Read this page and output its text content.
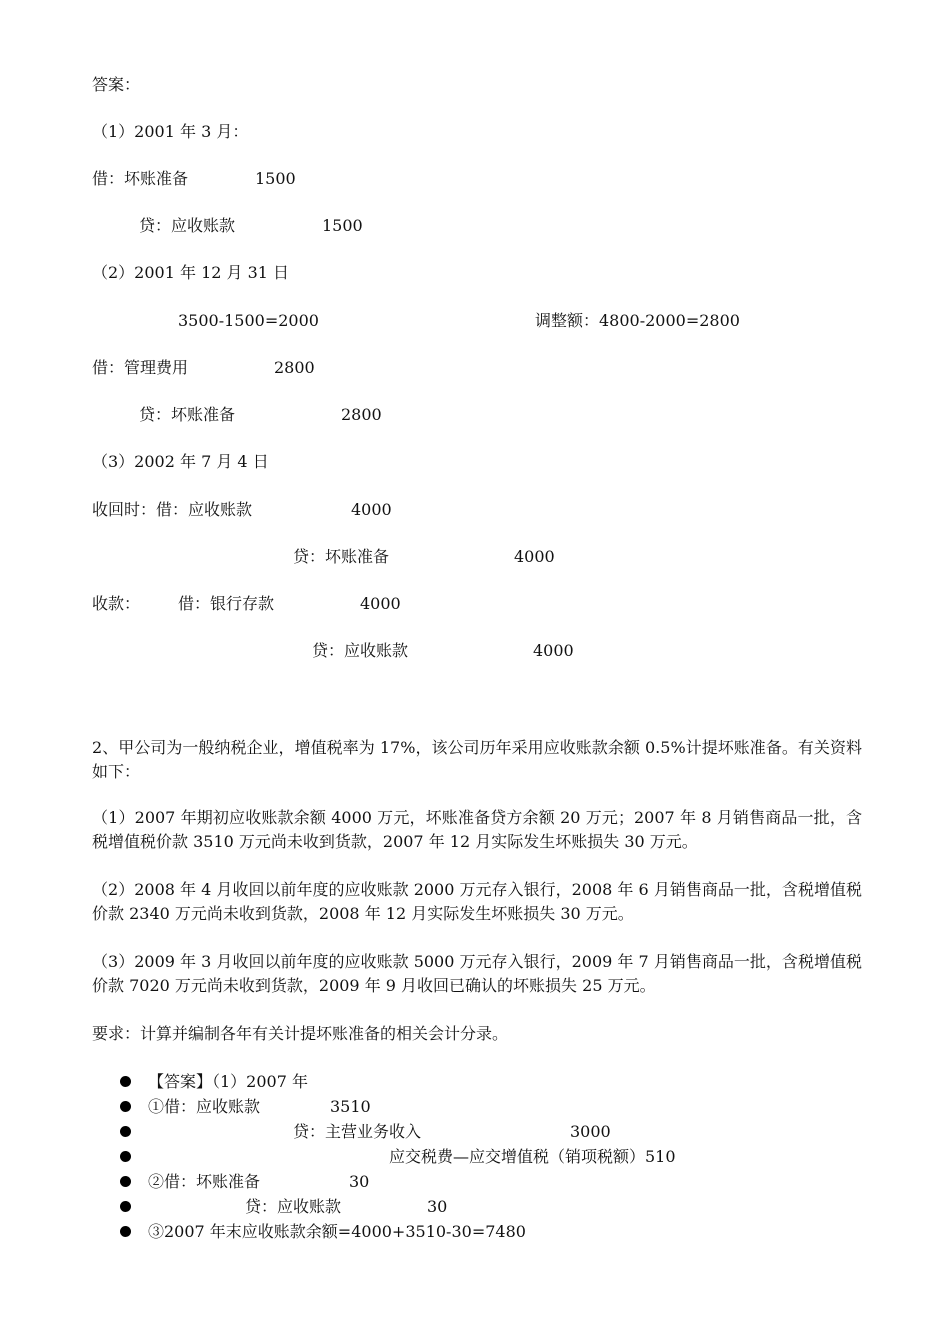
答案：
（1）2001 年 3 月：
借：坏账准备	1500
贷：应收账款	1500
（2）2001 年 12 月 31 日
3500-1500=2000	调整额：4800-2000=2800
借：管理费用	2800
贷：坏账准备	2800
（3）2002 年 7 月 4 日
收回时：借：应收账款	4000
贷：坏账准备	4000
收款： 借：银行存款	4000
贷：应收账款	4000
2、甲公司为一般纳税企业，增值税率为 17%，该公司历年采用应收账款余额 0.5%计提坏账准备。有关资料如下：
（1）2007 年期初应收账款余额 4000 万元，坏账准备贷方余额 20 万元；2007 年 8 月销售商品一批，含税增值税价款 3510 万元尚未收到货款，2007 年 12 月实际发生坏账损失 30 万元。
（2）2008 年 4 月收回以前年度的应收账款 2000 万元存入银行，2008 年 6 月销售商品一批，含税增值税价款 2340 万元尚未收到货款，2008 年 12 月实际发生坏账损失 30 万元。
（3）2009 年 3 月收回以前年度的应收账款 5000 万元存入银行，2009 年 7 月销售商品一批，含税增值税价款 7020 万元尚未收到货款，2009 年 9 月收回已确认的坏账损失 25 万元。
要求：计算并编制各年有关计提坏账准备的相关会计分录。
【答案】（1）2007 年
①借：应收账款	3510
贷：主营业务收入	3000
应交税费—应交增值税（销项税额）510
②借：坏账准备	30
贷：应收账款	30
③2007 年末应收账款余额=4000+3510-30=7480
